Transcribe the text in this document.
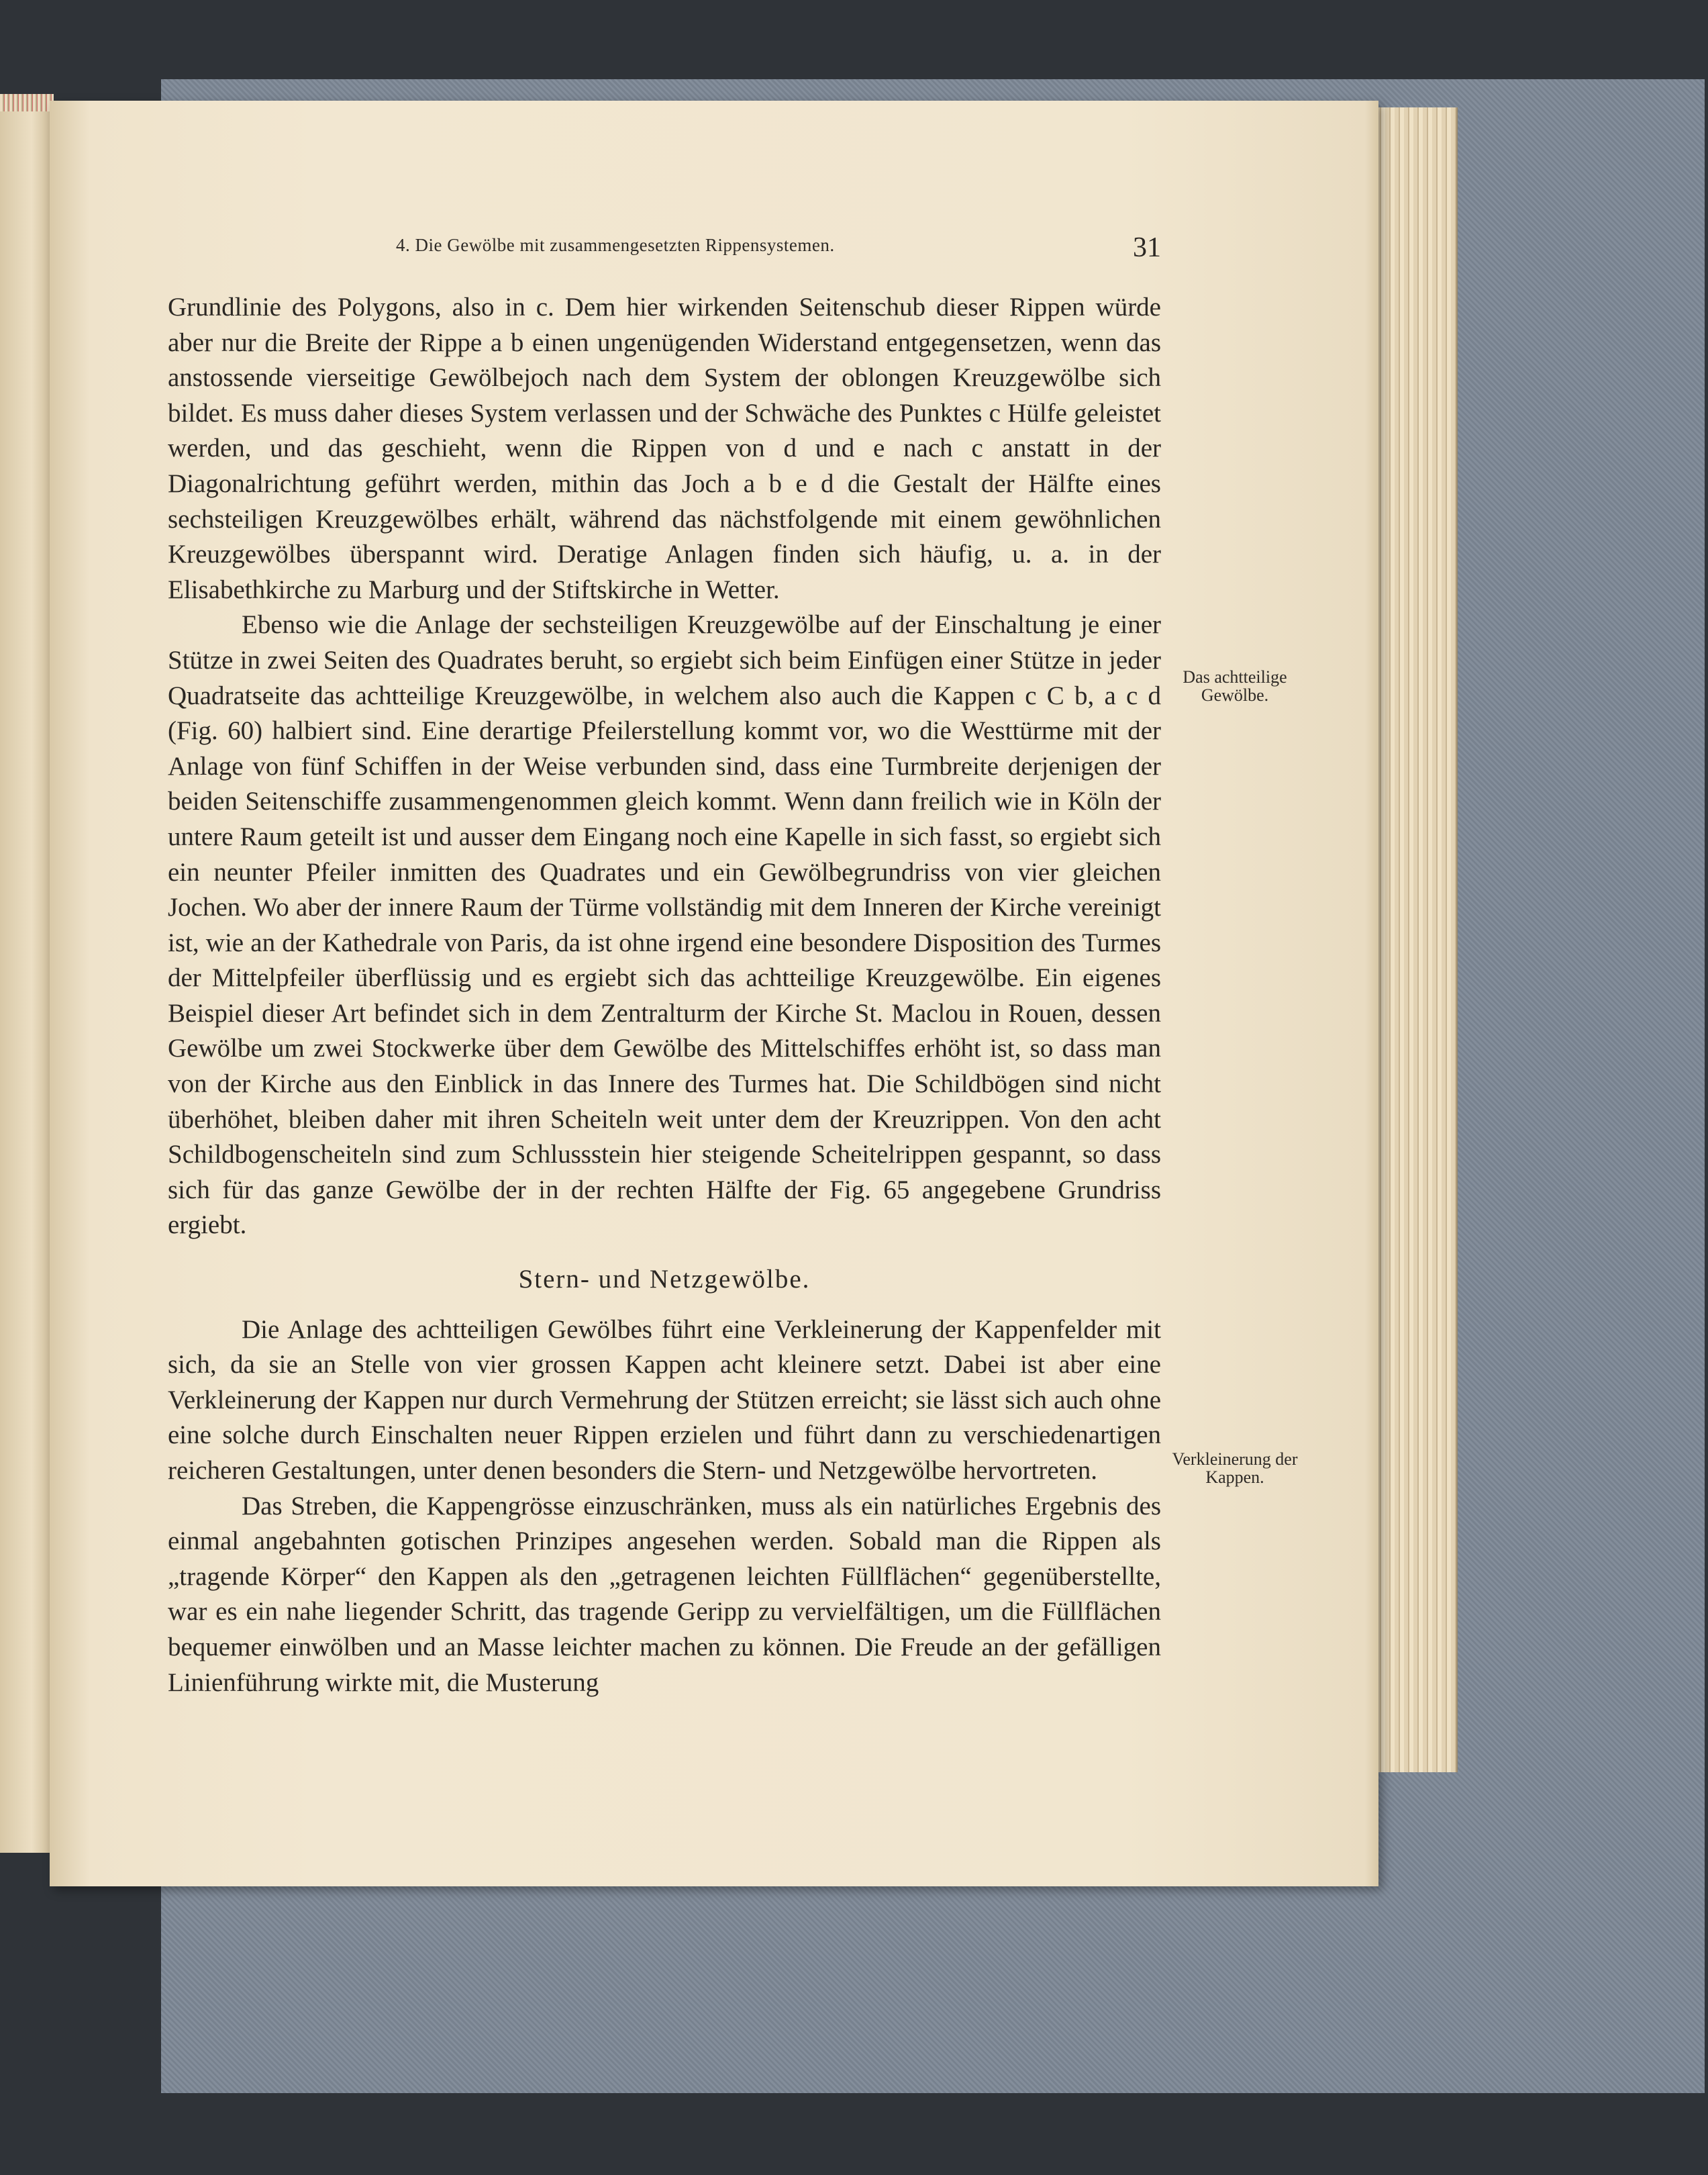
4. Die Gewölbe mit zusammengesetzten Rippensystemen.	31

Grundlinie des Polygons, also in c. Dem hier wirkenden Seitenschub dieser Rippen würde aber nur die Breite der Rippe a b einen ungenügenden Widerstand entgegensetzen, wenn das anstossende vierseitige Gewölbejoch nach dem System der oblongen Kreuzgewölbe sich bildet. Es muss daher dieses System verlassen und der Schwäche des Punktes c Hülfe geleistet werden, und das geschieht, wenn die Rippen von d und e nach c anstatt in der Diagonalrichtung geführt werden, mithin das Joch a b e d die Gestalt der Hälfte eines sechsteiligen Kreuzgewölbes erhält, während das nächstfolgende mit einem gewöhnlichen Kreuzgewölbes überspannt wird. Deratige Anlagen finden sich häufig, u. a. in der Elisabethkirche zu Marburg und der Stiftskirche in Wetter.

Ebenso wie die Anlage der sechsteiligen Kreuzgewölbe auf der Einschaltung je einer Stütze in zwei Seiten des Quadrates beruht, so ergiebt sich beim Einfügen einer Stütze in jeder Quadratseite das achtteilige Kreuzgewölbe, in welchem also auch die Kappen c C b, a c d (Fig. 60) halbiert sind. Eine derartige Pfeilerstellung kommt vor, wo die Westtürme mit der Anlage von fünf Schiffen in der Weise verbunden sind, dass eine Turmbreite derjenigen der beiden Seitenschiffe zusammengenommen gleich kommt. Wenn dann freilich wie in Köln der untere Raum geteilt ist und ausser dem Eingang noch eine Kapelle in sich fasst, so ergiebt sich ein neunter Pfeiler inmitten des Quadrates und ein Gewölbegrundriss von vier gleichen Jochen. Wo aber der innere Raum der Türme vollständig mit dem Inneren der Kirche vereinigt ist, wie an der Kathedrale von Paris, da ist ohne irgend eine besondere Disposition des Turmes der Mittelpfeiler überflüssig und es ergiebt sich das achtteilige Kreuzgewölbe. Ein eigenes Beispiel dieser Art befindet sich in dem Zentralturm der Kirche St. Maclou in Rouen, dessen Gewölbe um zwei Stockwerke über dem Gewölbe des Mittelschiffes erhöht ist, so dass man von der Kirche aus den Einblick in das Innere des Turmes hat. Die Schildbögen sind nicht überhöhet, bleiben daher mit ihren Scheiteln weit unter dem der Kreuzrippen. Von den acht Schildbogenscheiteln sind zum Schlussstein hier steigende Scheitelrippen gespannt, so dass sich für das ganze Gewölbe der in der rechten Hälfte der Fig. 65 angegebene Grundriss ergiebt.

Stern- und Netzgewölbe.

Die Anlage des achtteiligen Gewölbes führt eine Verkleinerung der Kappenfelder mit sich, da sie an Stelle von vier grossen Kappen acht kleinere setzt. Dabei ist aber eine Verkleinerung der Kappen nur durch Vermehrung der Stützen erreicht; sie lässt sich auch ohne eine solche durch Einschalten neuer Rippen erzielen und führt dann zu verschiedenartigen reicheren Gestaltungen, unter denen besonders die Stern- und Netzgewölbe hervortreten.

Das Streben, die Kappengrösse einzuschränken, muss als ein natürliches Ergebnis des einmal angebahnten gotischen Prinzipes angesehen werden. Sobald man die Rippen als „tragende Körper“ den Kappen als den „getragenen leichten Füllflächen“ gegenüberstellte, war es ein nahe liegender Schritt, das tragende Geripp zu vervielfältigen, um die Füllflächen bequemer einwölben und an Masse leichter machen zu können. Die Freude an der gefälligen Linienführung wirkte mit, die Musterung

Das achtteilige Gewölbe.
Verkleinerung der Kappen.
